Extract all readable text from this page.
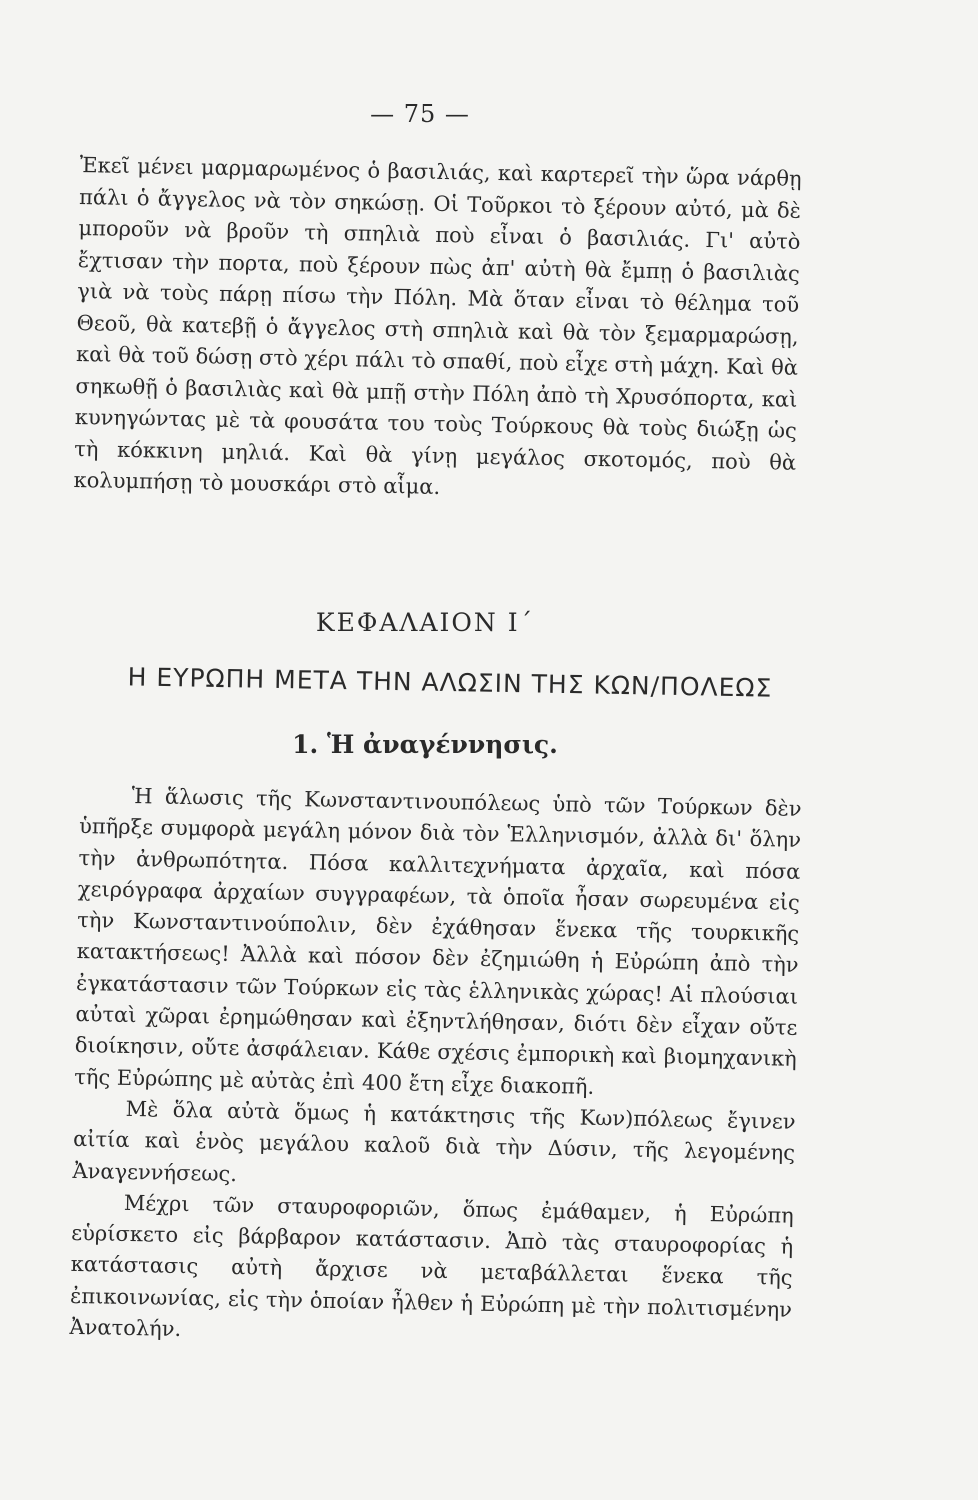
— 75 —

Ἐκεῖ μένει μαρμαρωμένος ὁ βασιλιάς, καὶ καρτερεῖ τὴν ὥρα νάρθῃ πάλι ὁ ἄγγελος νὰ τὸν σηκώσῃ. Οἱ Τοῦρκοι τὸ ξέρουν αὐτό, μὰ δὲ μποροῦν νὰ βροῦν τὴ σπηλιὰ ποὺ εἶναι ὁ βασιλιάς. Γι' αὐτὸ ἔχτισαν τὴν πορτα, ποὺ ξέρουν πὼς ἀπ' αὐτὴ θὰ ἔμπῃ ὁ βασιλιὰς γιὰ νὰ τοὺς πάρῃ πίσω τὴν Πόλη. Μὰ ὅταν εἶναι τὸ θέλημα τοῦ Θεοῦ, θὰ κατεβῇ ὁ ἄγγελος στὴ σπηλιὰ καὶ θὰ τὸν ξεμαρμαρώσῃ, καὶ θὰ τοῦ δώσῃ στὸ χέρι πάλι τὸ σπαθί, ποὺ εἶχε στὴ μάχη. Καὶ θὰ σηκωθῇ ὁ βασιλιὰς καὶ θὰ μπῇ στὴν Πόλη ἀπὸ τὴ Χρυσόπορτα, καὶ κυνηγώντας μὲ τὰ φουσάτα του τοὺς Τούρκους θὰ τοὺς διώξῃ ὡς τὴ κόκκινη μηλιά. Καὶ θὰ γίνῃ μεγάλος σκοτομός, ποὺ θὰ κολυμπήσῃ τὸ μουσκάρι στὸ αἷμα.

ΚΕΦΑΛΑΙΟΝ Ι΄
Η ΕΥΡΩΠΗ ΜΕΤΑ ΤΗΝ ΑΛΩΣΙΝ ΤΗΣ ΚΩΝ/ΠΟΛΕΩΣ
1. Ἡ ἀναγέννησις.

Ἡ ἅλωσις τῆς Κωνσταντινουπόλεως ὑπὸ τῶν Τούρκων δὲν ὑπῆρξε συμφορὰ μεγάλη μόνον διὰ τὸν Ἑλληνισμόν, ἀλλὰ δι' ὅλην τὴν ἀνθρωπότητα. Πόσα καλλιτεχνήματα ἀρχαῖα, καὶ πόσα χειρόγραφα ἀρχαίων συγγραφέων, τὰ ὁποῖα ἦσαν σωρευμένα εἰς τὴν Κωνσταντινούπολιν, δὲν ἐχάθησαν ἕνεκα τῆς τουρκικῆς κατακτήσεως! Ἀλλὰ καὶ πόσον δὲν ἐζημιώθη ἡ Εὐρώπη ἀπὸ τὴν ἐγκατάστασιν τῶν Τούρκων εἰς τὰς ἑλληνικὰς χώρας! Αἱ πλούσιαι αὐταὶ χῶραι ἐρημώθησαν καὶ ἐξηντλήθησαν, διότι δὲν εἶχαν οὔτε διοίκησιν, οὔτε ἀσφάλειαν. Κάθε σχέσις ἐμπορικὴ καὶ βιομηχανικὴ τῆς Εὐρώπης μὲ αὐτὰς ἐπὶ 400 ἔτη εἶχε διακοπῆ.

Μὲ ὅλα αὐτὰ ὅμως ἡ κατάκτησις τῆς Κων)πόλεως ἔγινεν αἰτία καὶ ἑνὸς μεγάλου καλοῦ διὰ τὴν Δύσιν, τῆς λεγομένης Ἀναγεννήσεως.

Μέχρι τῶν σταυροφοριῶν, ὅπως ἐμάθαμεν, ἡ Εὐρώπη εὑρίσκετο εἰς βάρβαρον κατάστασιν. Ἀπὸ τὰς σταυροφορίας ἡ κατάστασις αὐτὴ ἄρχισε νὰ μεταβάλλεται ἕνεκα τῆς ἐπικοινωνίας, εἰς τὴν ὁποίαν ἦλθεν ἡ Εὐρώπη μὲ τὴν πολιτισμένην Ἀνατολήν.
